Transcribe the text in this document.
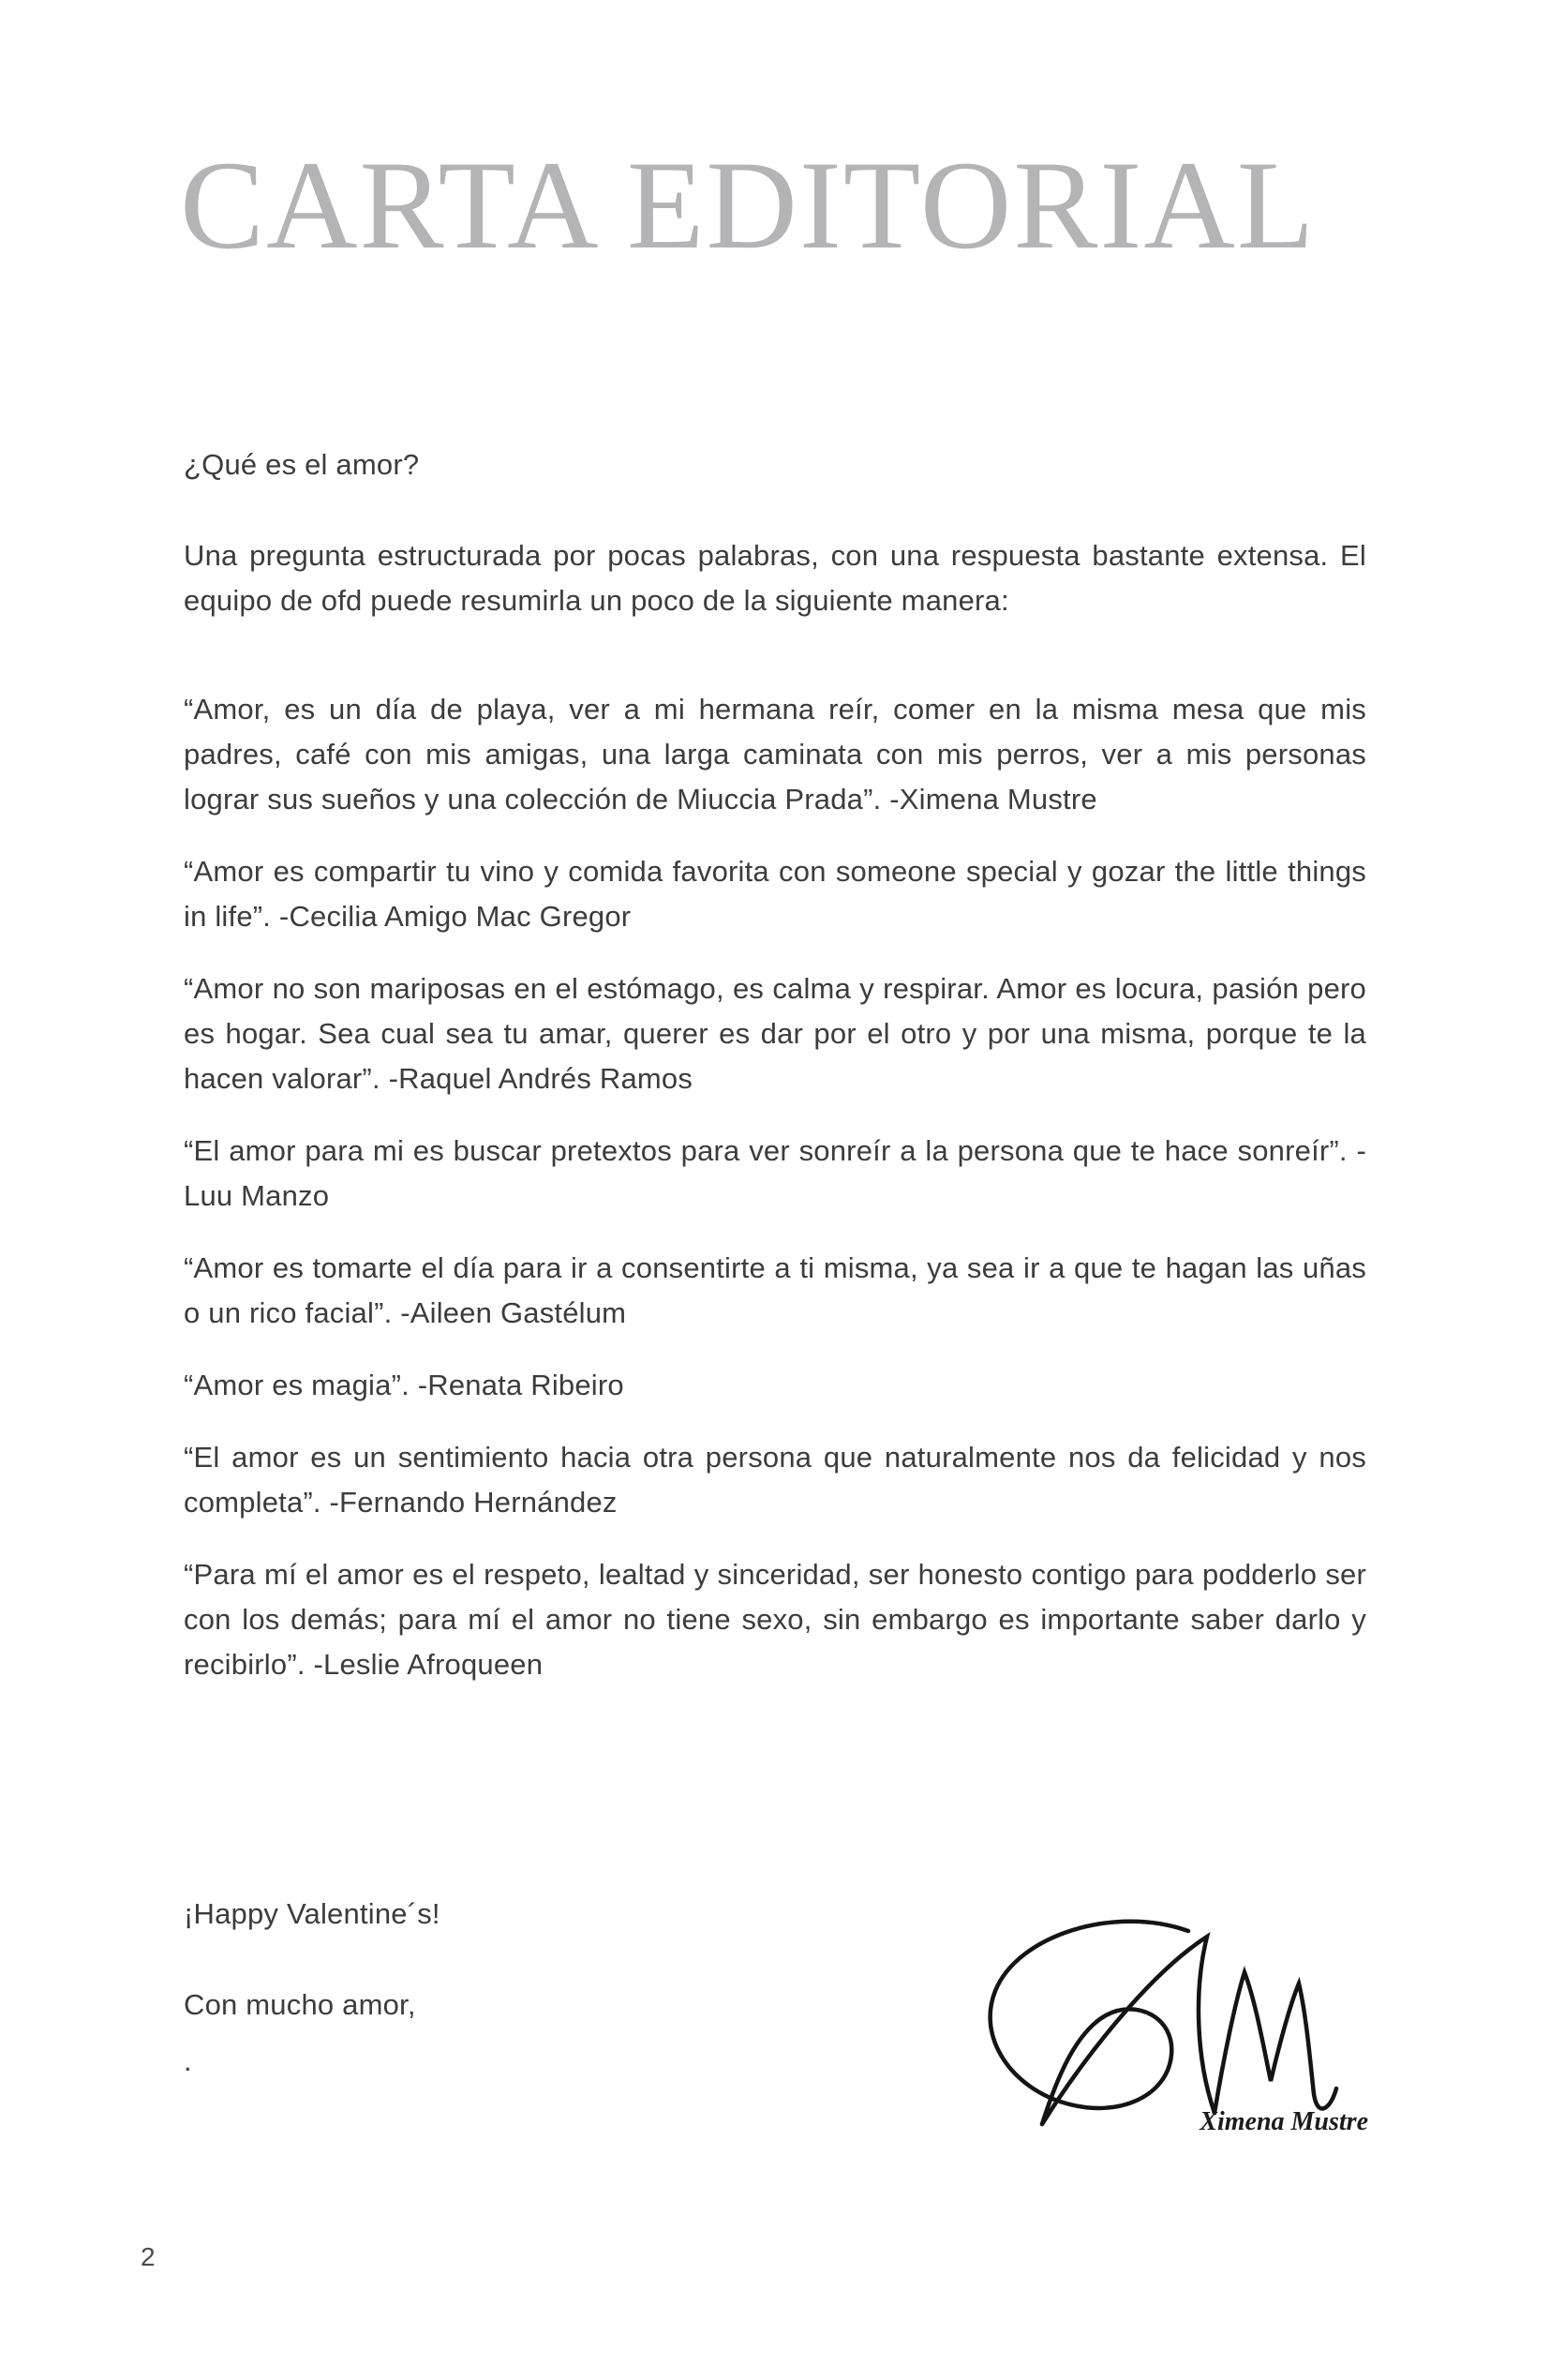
CARTA EDITORIAL

¿Qué es el amor?

Una pregunta estructurada por pocas palabras, con una respuesta bastante extensa. El equipo de ofd puede resumirla un poco de la siguiente manera:

“Amor, es un día de playa, ver a mi hermana reír, comer en la misma mesa que mis padres, café con mis amigas, una larga caminata con mis perros, ver a mis personas lograr sus sueños y una colección de Miuccia Prada”. -Ximena Mustre

“Amor es compartir tu vino y comida favorita con someone special y gozar the little things in life”. -Cecilia Amigo Mac Gregor

“Amor no son mariposas en el estómago, es calma y respirar. Amor es locura, pasión pero es hogar. Sea cual sea tu amar, querer es dar por el otro y por una misma, porque te la hacen valorar”. -Raquel Andrés Ramos

“El amor para mi es buscar pretextos para ver sonreír a la persona que te hace sonreír”. -Luu Manzo

“Amor es tomarte el día para ir a consentirte a ti misma, ya sea ir a que te hagan las uñas o un rico facial”. -Aileen Gastélum

“Amor es magia”. -Renata Ribeiro

“El amor es un sentimiento hacia otra persona que naturalmente nos da felicidad y nos completa”. -Fernando Hernández

“Para mí el amor es el respeto, lealtad y sinceridad, ser honesto contigo para podderlo ser con los demás; para mí el amor no tiene sexo, sin embargo es importante saber darlo y recibirlo”. -Leslie Afroqueen

¡Happy Valentine´s!

Con mucho amor,

.

Ximena Mustre
2
